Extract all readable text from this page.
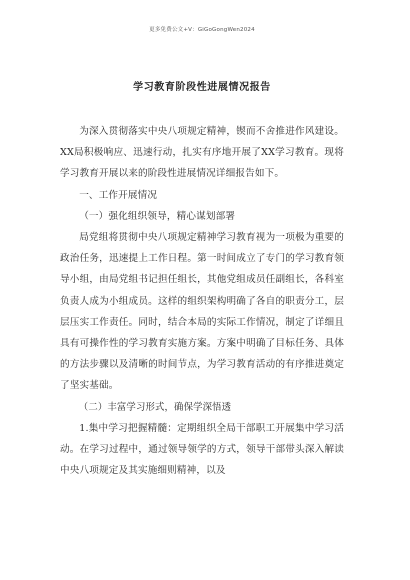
更多免费公文+V：GiGoGongWen2024
学习教育阶段性进展情况报告

为深入贯彻落实中央八项规定精神，锲而不舍推进作风建设。XX局积极响应、迅速行动，扎实有序地开展了XX学习教育。现将学习教育开展以来的阶段性进展情况详细报告如下。

一、工作开展情况

（一）强化组织领导，精心谋划部署

局党组将贯彻中央八项规定精神学习教育视为一项极为重要的政治任务，迅速提上工作日程。第一时间成立了专门的学习教育领导小组，由局党组书记担任组长，其他党组成员任副组长，各科室负责人成为小组成员。这样的组织架构明确了各自的职责分工，层层压实工作责任。同时，结合本局的实际工作情况，制定了详细且具有可操作性的学习教育实施方案。方案中明确了目标任务、具体的方法步骤以及清晰的时间节点，为学习教育活动的有序推进奠定了坚实基础。

（二）丰富学习形式，确保学深悟透

1.集中学习把握精髓：定期组织全局干部职工开展集中学习活动。在学习过程中，通过领导领学的方式，领导干部带头深入解读中央八项规定及其实施细则精神，以及
